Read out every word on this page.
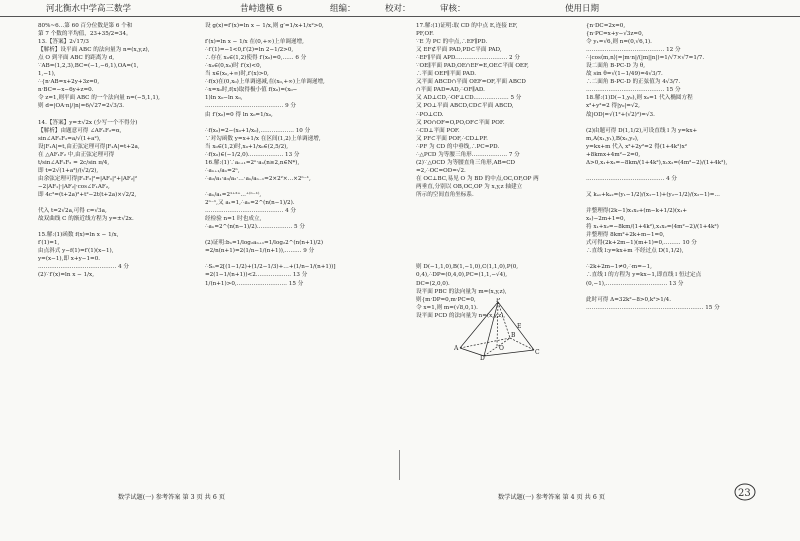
河北衡水中学高三数学	昔峙遗模 6	组编：	校对：	审核：	使用日期
80%~6…第 60 百分位数是第 6 个和
第 7 个数的平均值，23+35/2=34。
13.【答案】2√17/3
【解析】设平面 ABC 的法向量为 n=(x,y,z),
点 O 到平面 ABC 的距离为 d,
∵AB=(1,2,3),BC=(−1,−6,1),OA=(1,
1,−1),
∴{n·AB=x+2y+3z=0,
n·BC=−x−6y+z=0.
令 z=1,则平面 ABC 的一个法向量 n=(−5,1,1),
则 d=|OA·n|/|n|=6/√27=2√3/3.
14.【答案】y=±√2x (少写一个不得分)
【解析】由题意可得 ∠AF₁F₂=α,
sin∠AF₁F₂=a/√(1+a²),
设|F₁A|=t,由正弦定理可得|F₁A|=t+2a,
在 △AF₁F₂ 中,由正弦定理可得
t/sin∠AF₁F₂ = 2c/sin π/4,
即 t=2√(1+a²)/(√2/2),
由余弦定理可得|F₁F₂|²=|AF₁|²+|AF₂|²
−2|AF₁|·|AF₂|·cos∠F₁AF₂,
即 4c²=(t+2a)²+t²−2t(t+2a)×√2/2,
代入 t=2√2a,可得 c=√3a,
故双曲线 C 的渐近线方程为 y=±√2x.
15.解:(1)函数 f(x)=ln x − 1/x,
f′(1)=1,
由点斜式 y−f(1)=f′(1)(x−1),
y=(x−1),即 x+y−1=0.
…………………………………… 4 分
(2)∵f′(x)=ln x − 1/x,
设 g(x)=f′(x)=ln x − 1/x,则 g′=1/x+1/x²>0,
f′(x)=ln x − 1/x 在(0,+∞)上单调递增,
∴f′(1)=−1<0,f′(2)=ln 2−1/2>0,
∴存在 x₀∈(1,2)使得 f′(x₀)=0,…… 6 分
∴x₀∈(0,x₀)时 f′(x)<0,
当 x∈(x₀,+∞)时,f′(x)>0,
∴f(x)在(0,x₀)上单调递减,在(x₀,+∞)上单调递增,
∴x=x₀时,f(x)取得极小值 f(x₀)=(x₀−
1)ln x₀−ln x₀,
…………………………………… 9 分
由 f′(x₀)=0 得 ln x₀=1/x₀,
∴f(x₀)=2−(x₀+1/x₀),……………… 10 分
∵对勾函数 y=x+1/x 在区间(1,2)上单调递增,
当 x₀∈(1,2)时,x₀+1/x₀∈(2,5/2),
∴f(x₀)∈(−1/2,0).……………… 13 分
16.解:(1)∵aₙ₊₁=2ⁿ·aₙ(n≥2,n∈N*),
∴aₙ₊₁/aₙ=2ⁿ,
∴a₂/a₁·a₃/a₂·…·aₙ/aₙ₋₁=2×2²×…×2ⁿ⁻¹,
∴aₙ/a₁=2¹⁺²⁺…⁺⁽ⁿ⁻¹⁾,
2ⁿ⁻¹,又 a₁=1,∴aₙ=2^(n(n−1)/2).
…………………………………… 4 分
经检验 n=1 时也成立,
∴aₙ=2^(n(n−1)/2).……………… 5 分
(2)证明:bₙ=1/log₂aₙ₊₁=1/log₂2^(n(n+1)/2)
=2/n(n+1)=2(1/n−1/(n+1)),……… 9 分
∴Sₙ=2[(1−1/2)+(1/2−1/3)+…+(1/n−1/(n+1))]
=2(1−1/(n+1))<2.……………… 13 分
1/(n+1)>0,……………………… 15 分
17.解:(1)证明:取 CD 的中点 E,连接 EF,
PF,OF.
∵E 为 PC 的中点,∴EF∥PD.
又 EF⊄平面 PAD,PD⊂平面 PAD,
∴EF∥平面 APD.……………………… 2 分
∵OE∥平面 PAD,OE∩EF=E,OE⊂平面 OEF,
∴平面 OEF∥平面 PAD.
又平面 ABCD∩平面 OEF=OF,平面 ABCD
∩平面 PAD=AD,∴OF∥AD.
又 AD⊥CD,∴OF⊥CD.……………… 5 分
又 PO⊥平面 ABCD,CD⊂平面 ABCD,
∴PO⊥CD.
又 PO∩OF=O,PO,OF⊂平面 POF.
∴CD⊥平面 POF.
又 PF⊂平面 POF,∴CD⊥PF.
∴PF 为 CD 的中垂线,∴PC=PD.
∴△PCD 为等腰三角形.……………… 7 分
(2)∵△OCD 为等腰直角三角形,AB=CD
=2,∴OC=OD=√2.
在 OC⊥BC,易见 O 为 BD 的中点,OC,OF,OP 两
两垂直,分别以 OB,OC,OP 为 x,y,z 轴建立
所示的空间直角坐标系.
则 D(−1,1,0),B(1,−1,0),C(1,1,0),P(0,
0,4),∴DP=(0,4,0),PC=(1,1,−√4),
DC=(2,0,0).
设平面 PBC 的法向量为 m=(x,y,z),
则{m·DP=0,m·PC=0,
令 x=1,则 m=(√8,0,1).
设平面 PCD 的法向量为 n=(x,y,z),
{n·DC=2x=0,
{n·PC=x+y−√3z=0,
令 y₁=√6,则 n=(0,√6,1).
…………………………………… 12 分
∴|cos⟨m,n⟩|=|m·n|/(|m||n|)=1/√7×√7=1/7.
设二面角 B-PC-D 为 θ,
故 sin θ=√(1−1/49)=4√3/7.
∴二面角 B-PC-D 的正弦值为 4√3/7.
…………………………………… 15 分
18.解:(1)D(−1,y₀),则 x₀=1 代入椭圆方程
x²+y²=2 得|y₀|=√2,
故|OD|=√(1²+(√2)²)=√3.
(2)由题可得 D(1,1/2),可设直线 l 为 y=kx+
m,A(x₁,y₁),B(x₂,y₂),
y=kx+m 代入 x²+2y²=2 得(1+4k²)x²
+8kmx+4m²−2=0,
Δ>0,x₁+x₂=−8km/(1+4k²),x₁x₂=(4m²−2)/(1+4k²),
…………………………………… 4 分
又 kₐ₁+kₐ₂=(y₁−1/2)/(x₁−1)+(y₂−1/2)/(x₂−1)=…
并整理得(2k−1)x₁x₂+(m−k+1/2)(x₁+
x₂)−2m+1=0,
将 x₁+x₂=−8km/(1+4k²),x₁x₂=(4m²−2)/(1+4k²)
并整理得 8km²+2k+m−1=0,
式可得(2k+2m−1)(m+1)=0,……… 10 分
∴直线 l:y=kx+m 不经过点 D(1,1/2),
∴2k+2m−1≠0,∴m=−1,
∴直线 l 的方程为 y=kx−1,即直线 l 恒过定点
(0,−1),…………………………… 13 分
此时可得 Δ=32k²−8>0,k²>1/4.
……………………………………………………… 15 分
P
A
B
C
D
O
E
数学试题(一) 参考答案 第 3 页 共 6 页	数学试题(一) 参考答案 第 4 页 共 6 页	23
